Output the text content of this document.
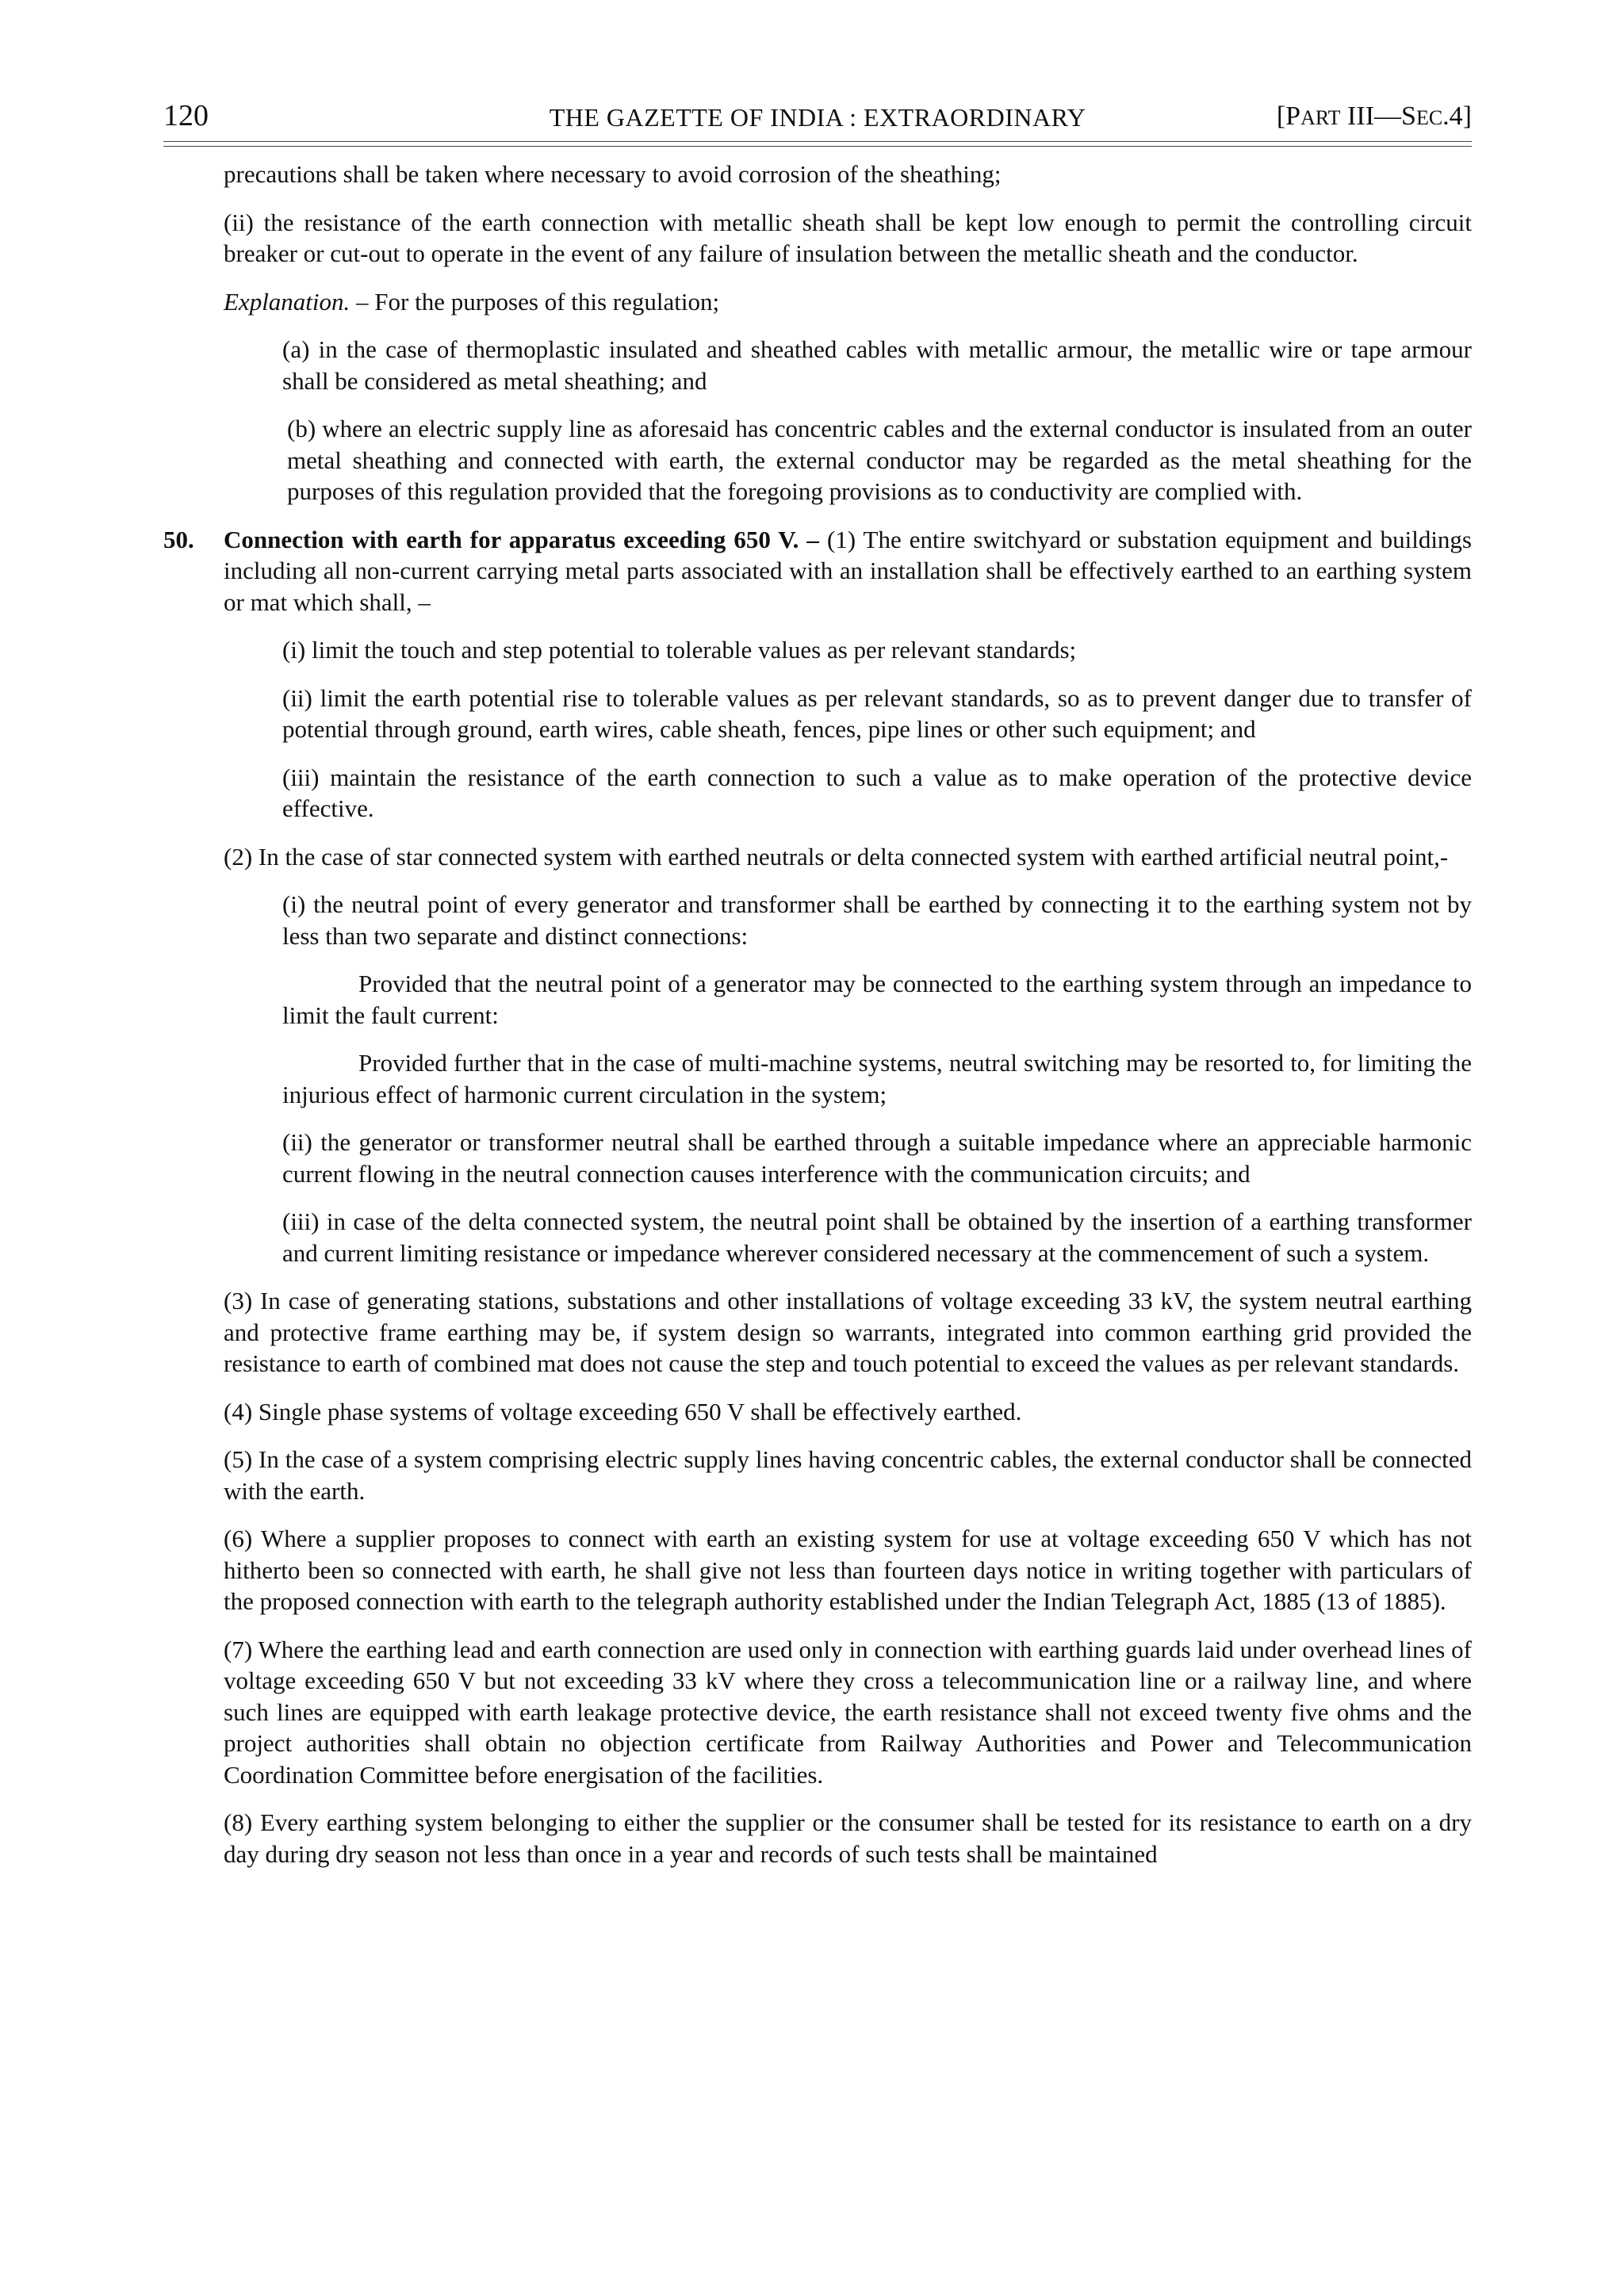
120	THE GAZETTE OF INDIA : EXTRAORDINARY	[PART III—SEC.4]

precautions shall be taken where necessary to avoid corrosion of the sheathing;

(ii) the resistance of the earth connection with metallic sheath shall be kept low enough to permit the controlling circuit breaker or cut-out to operate in the event of any failure of insulation between the metallic sheath and the conductor.

Explanation. – For the purposes of this regulation;

(a) in the case of thermoplastic insulated and sheathed cables with metallic armour, the metallic wire or tape armour shall be considered as metal sheathing; and

(b) where an electric supply line as aforesaid has concentric cables and the external conductor is insulated from an outer metal sheathing and connected with earth, the external conductor may be regarded as the metal sheathing for the purposes of this regulation provided that the foregoing provisions as to conductivity are complied with.

50. Connection with earth for apparatus exceeding 650 V. – (1) The entire switchyard or substation equipment and buildings including all non-current carrying metal parts associated with an installation shall be effectively earthed to an earthing system or mat which shall, –

(i) limit the touch and step potential to tolerable values as per relevant standards;

(ii) limit the earth potential rise to tolerable values as per relevant standards, so as to prevent danger due to transfer of potential through ground, earth wires, cable sheath, fences, pipe lines or other such equipment; and

(iii) maintain the resistance of the earth connection to such a value as to make operation of the protective device effective.

(2) In the case of star connected system with earthed neutrals or delta connected system with earthed artificial neutral point,-

(i) the neutral point of every generator and transformer shall be earthed by connecting it to the earthing system not by less than two separate and distinct connections:

Provided that the neutral point of a generator may be connected to the earthing system through an impedance to limit the fault current:

Provided further that in the case of multi-machine systems, neutral switching may be resorted to, for limiting the injurious effect of harmonic current circulation in the system;

(ii) the generator or transformer neutral shall be earthed through a suitable impedance where an appreciable harmonic current flowing in the neutral connection causes interference with the communication circuits; and

(iii) in case of the delta connected system, the neutral point shall be obtained by the insertion of a earthing transformer and current limiting resistance or impedance wherever considered necessary at the commencement of such a system.

(3) In case of generating stations, substations and other installations of voltage exceeding 33 kV, the system neutral earthing and protective frame earthing may be, if system design so warrants, integrated into common earthing grid provided the resistance to earth of combined mat does not cause the step and touch potential to exceed the values as per relevant standards.

(4) Single phase systems of voltage exceeding 650 V shall be effectively earthed.

(5) In the case of a system comprising electric supply lines having concentric cables, the external conductor shall be connected with the earth.

(6) Where a supplier proposes to connect with earth an existing system for use at voltage exceeding 650 V which has not hitherto been so connected with earth, he shall give not less than fourteen days notice in writing together with particulars of the proposed connection with earth to the telegraph authority established under the Indian Telegraph Act, 1885 (13 of 1885).

(7) Where the earthing lead and earth connection are used only in connection with earthing guards laid under overhead lines of voltage exceeding 650 V but not exceeding 33 kV where they cross a telecommunication line or a railway line, and where such lines are equipped with earth leakage protective device, the earth resistance shall not exceed twenty five ohms and the project authorities shall obtain no objection certificate from Railway Authorities and Power and Telecommunication Coordination Committee before energisation of the facilities.

(8) Every earthing system belonging to either the supplier or the consumer shall be tested for its resistance to earth on a dry day during dry season not less than once in a year and records of such tests shall be maintained
